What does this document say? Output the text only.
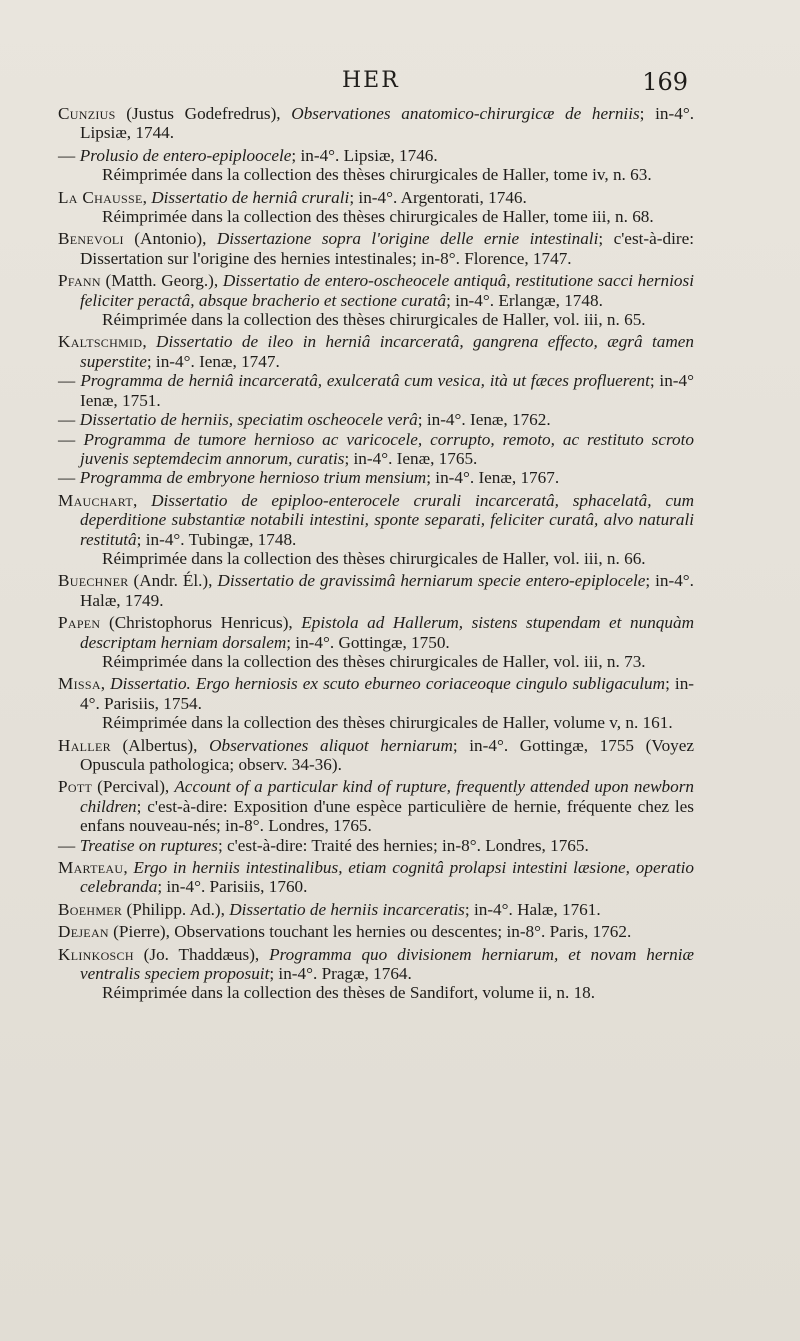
HER	169

Cunzius (Justus Godefredrus), Observationes anatomico-chirurgicæ de herniis; in-4°. Lipsiæ, 1744.

— Prolusio de entero-epiploocele; in-4°. Lipsiæ, 1746.

Réimprimée dans la collection des thèses chirurgicales de Haller, tome iv, n. 63.

La Chausse, Dissertatio de herniâ crurali; in-4°. Argentorati, 1746.

Réimprimée dans la collection des thèses chirurgicales de Haller, tome iii, n. 68.

Benevoli (Antonio), Dissertazione sopra l'origine delle ernie intestinali; c'est-à-dire: Dissertation sur l'origine des hernies intestinales; in-8°. Florence, 1747.

Pfann (Matth. Georg.), Dissertatio de entero-oscheocele antiquâ, restitutione sacci herniosi feliciter peractâ, absque bracherio et sectione curatâ; in-4°. Erlangæ, 1748.

Réimprimée dans la collection des thèses chirurgicales de Haller, vol. iii, n. 65.

Kaltschmid, Dissertatio de ileo in herniâ incarceratâ, gangrena effecto, ægrâ tamen superstite; in-4°. Ienæ, 1747.

— Programma de herniâ incarceratâ, exulceratâ cum vesica, ità ut fæces profluerent; in-4° Ienæ, 1751.

— Dissertatio de herniis, speciatim oscheocele verâ; in-4°. Ienæ, 1762.

— Programma de tumore hernioso ac varicocele, corrupto, remoto, ac restituto scroto juvenis septemdecim annorum, curatis; in-4°. Ienæ, 1765.

— Programma de embryone hernioso trium mensium; in-4°. Ienæ, 1767.

Mauchart, Dissertatio de epiploo-enterocele crurali incarceratâ, sphacelatâ, cum deperditione substantiæ notabili intestini, sponte separati, feliciter curatâ, alvo naturali restitutâ; in-4°. Tubingæ, 1748.

Réimprimée dans la collection des thèses chirurgicales de Haller, vol. iii, n. 66.

Buechner (Andr. Él.), Dissertatio de gravissimâ herniarum specie entero-epiplocele; in-4°. Halæ, 1749.

Papen (Christophorus Henricus), Epistola ad Hallerum, sistens stupendam et nunquàm descriptam herniam dorsalem; in-4°. Gottingæ, 1750.

Réimprimée dans la collection des thèses chirurgicales de Haller, vol. iii, n. 73.

Missa, Dissertatio. Ergo herniosis ex scuto eburneo coriaceoque cingulo subligaculum; in-4°. Parisiis, 1754.

Réimprimée dans la collection des thèses chirurgicales de Haller, volume v, n. 161.

Haller (Albertus), Observationes aliquot herniarum; in-4°. Gottingæ, 1755 (Voyez Opuscula pathologica; observ. 34-36).

Pott (Percival), Account of a particular kind of rupture, frequently attended upon newborn children; c'est-à-dire: Exposition d'une espèce particulière de hernie, fréquente chez les enfans nouveau-nés; in-8°. Londres, 1765.

— Treatise on ruptures; c'est-à-dire: Traité des hernies; in-8°. Londres, 1765.

Marteau, Ergo in herniis intestinalibus, etiam cognitâ prolapsi intestini læsione, operatio celebranda; in-4°. Parisiis, 1760.

Boehmer (Philipp. Ad.), Dissertatio de herniis incarceratis; in-4°. Halæ, 1761.

Dejean (Pierre), Observations touchant les hernies ou descentes; in-8°. Paris, 1762.

Klinkosch (Jo. Thaddæus), Programma quo divisionem herniarum, et novam herniæ ventralis speciem proposuit; in-4°. Pragæ, 1764.

Réimprimée dans la collection des thèses de Sandifort, volume ii, n. 18.
